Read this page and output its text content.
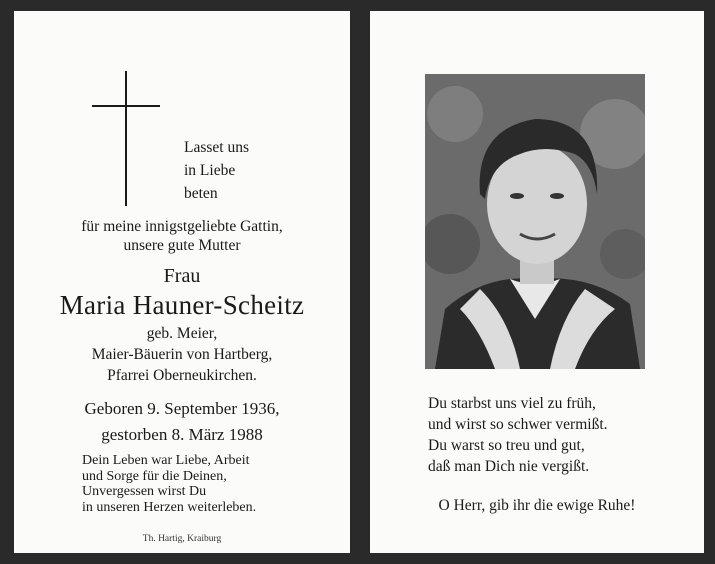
Lasset uns
in Liebe
beten
für meine innigstgeliebte Gattin,
unsere gute Mutter
Frau
Maria Hauner-Scheitz
geb. Meier,
Maier-Bäuerin von Hartberg,
Pfarrei Oberneukirchen.
Geboren 9. September 1936,
gestorben 8. März 1988
Dein Leben war Liebe, Arbeit
und Sorge für die Deinen,
Unvergessen wirst Du
in unseren Herzen weiterleben.
Th. Hartig, Kraiburg
Du starbst uns viel zu früh,
und wirst so schwer vermißt.
Du warst so treu und gut,
daß man Dich nie vergißt.
O Herr, gib ihr die ewige Ruhe!
